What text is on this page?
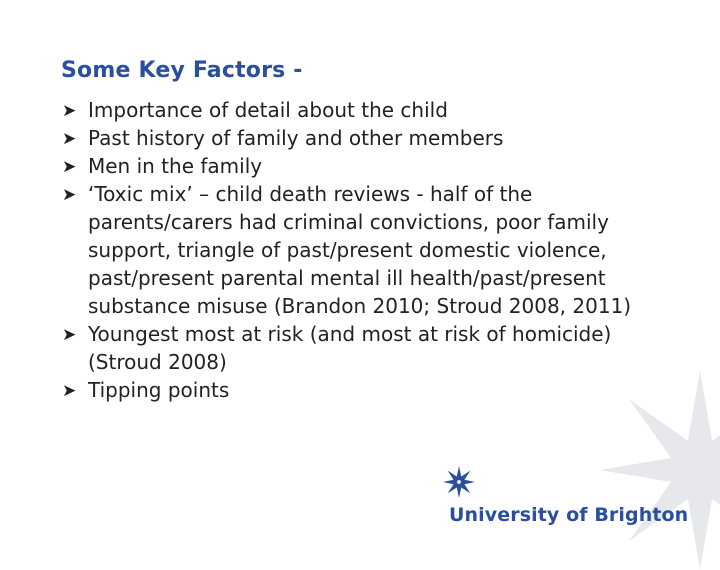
Some Key Factors -
➤ Importance of detail about the child
➤ Past history of family and other members
➤ Men in the family
➤ ‘Toxic mix’ – child death reviews - half of the parents/carers had criminal convictions, poor family support, triangle of past/present domestic violence, past/present parental mental ill health/past/present substance misuse (Brandon 2010; Stroud 2008, 2011)
➤ Youngest most at risk (and most at risk of homicide) (Stroud 2008)
➤ Tipping points
University of Brighton
